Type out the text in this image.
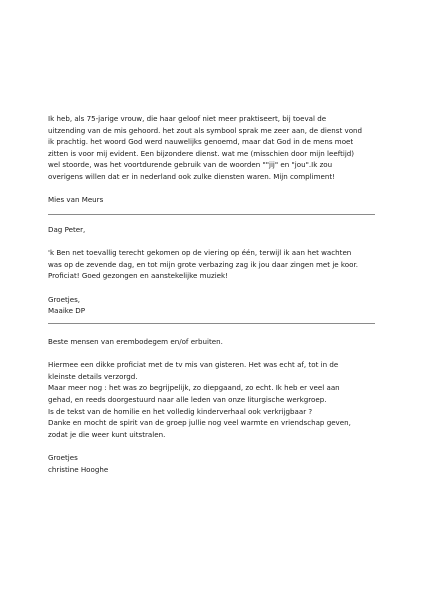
Ik heb, als 75-jarige vrouw, die haar geloof niet meer praktiseert, bij toeval de

uitzending van de mis gehoord. het zout als symbool sprak me zeer aan, de dienst vond

ik prachtig. het woord God werd nauwelijks genoemd, maar dat God in de mens moet

zitten is voor mij evident. Een bijzondere dienst. wat me (misschien door mijn leeftijd)

wel stoorde, was het voortdurende gebruik van de woorden ""jij" en "jou".Ik zou

overigens willen dat er in nederland ook zulke diensten waren. Mijn compliment!

Mies van Meurs

Dag Peter,

'k Ben net toevallig terecht gekomen op de viering op één, terwijl ik aan het wachten

was op de zevende dag, en tot mijn grote verbazing zag ik jou daar zingen met je koor.

Proficiat! Goed gezongen en aanstekelijke muziek!

Groetjes,

Maaike DP

Beste mensen van erembodegem en/of erbuiten.

Hiermee een dikke proficiat met de tv mis van gisteren. Het was echt af, tot in de

kleinste details verzorgd.

Maar meer nog : het was zo begrijpelijk, zo diepgaand, zo echt. Ik heb er veel aan

gehad, en reeds doorgestuurd naar alle leden van onze liturgische werkgroep.

Is de tekst van de homilie en het volledig kinderverhaal ook verkrijgbaar ?

Danke en mocht de spirit van de groep jullie nog veel warmte en vriendschap geven,

zodat je die weer kunt uitstralen.

Groetjes

christine Hooghe
